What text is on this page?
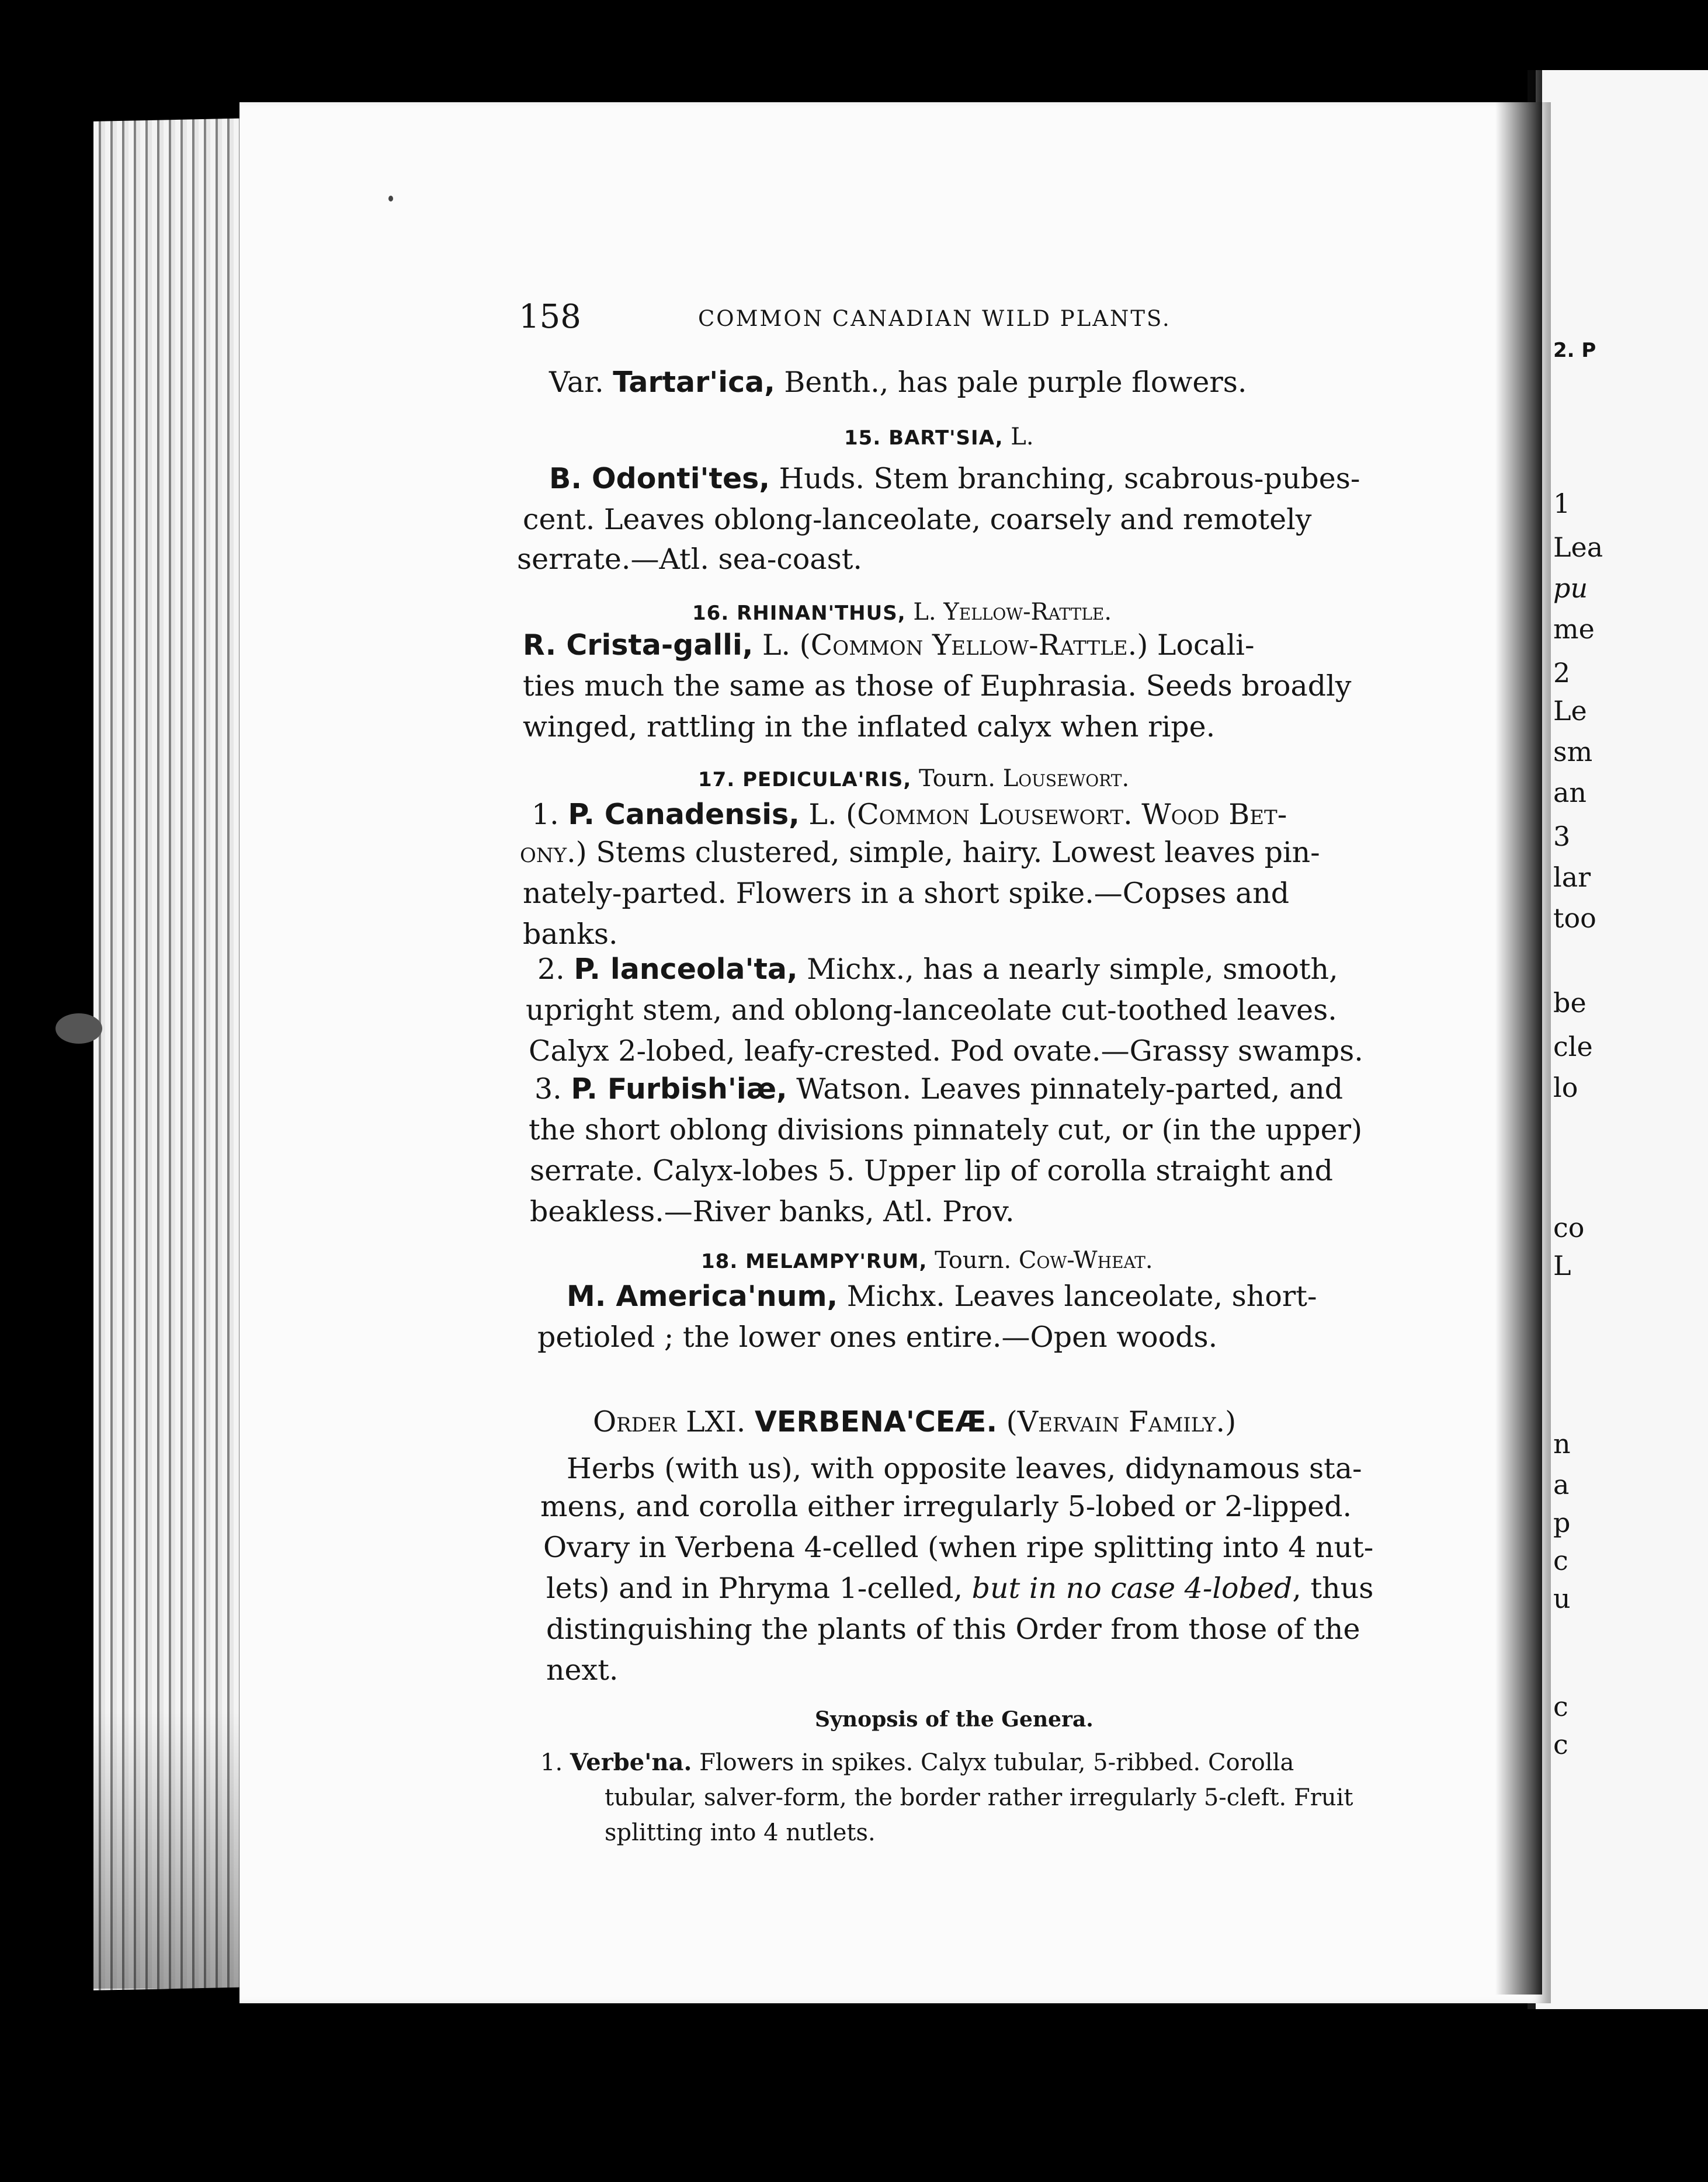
2. P
1
Lea
pu
me
2
Le
sm
an
3
lar
too
be
cle
lo
co
L
n
a
p
c
u
c
c
158	COMMON CANADIAN WILD PLANTS.
Var. Tartar'ica, Benth., has pale purple flowers.
15. BART'SIA, L.
B. Odonti'tes, Huds. Stem branching, scabrous-pubes-
cent. Leaves oblong-lanceolate, coarsely and remotely
serrate.—Atl. sea-coast.
16. RHINAN'THUS, L. Yellow-Rattle.
R. Crista-galli, L. (Common Yellow-Rattle.) Locali-
ties much the same as those of Euphrasia. Seeds broadly
winged, rattling in the inflated calyx when ripe.
17. PEDICULA'RIS, Tourn. Lousewort.
1. P. Canadensis, L. (Common Lousewort. Wood Bet-
ony.) Stems clustered, simple, hairy. Lowest leaves pin-
nately-parted. Flowers in a short spike.—Copses and
banks.
2. P. lanceola'ta, Michx., has a nearly simple, smooth,
upright stem, and oblong-lanceolate cut-toothed leaves.
Calyx 2-lobed, leafy-crested. Pod ovate.—Grassy swamps.
3. P. Furbish'iæ, Watson. Leaves pinnately-parted, and
the short oblong divisions pinnately cut, or (in the upper)
serrate. Calyx-lobes 5. Upper lip of corolla straight and
beakless.—River banks, Atl. Prov.
18. MELAMPY'RUM, Tourn. Cow-Wheat.
M. America'num, Michx. Leaves lanceolate, short-
petioled ; the lower ones entire.—Open woods.
Order LXI. VERBENA'CEÆ. (Vervain Family.)
Herbs (with us), with opposite leaves, didynamous sta-
mens, and corolla either irregularly 5-lobed or 2-lipped.
Ovary in Verbena 4-celled (when ripe splitting into 4 nut-
lets) and in Phryma 1-celled, but in no case 4-lobed, thus
distinguishing the plants of this Order from those of the
next.
Synopsis of the Genera.
1. Verbe'na. Flowers in spikes. Calyx tubular, 5-ribbed. Corolla
tubular, salver-form, the border rather irregularly 5-cleft. Fruit
splitting into 4 nutlets.
